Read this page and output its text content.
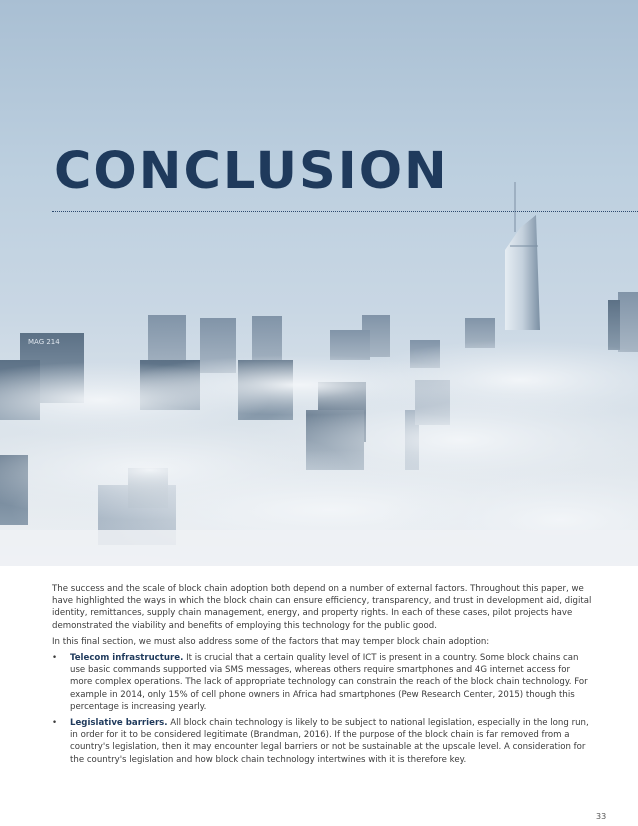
MAG 214
CONCLUSION

The success and the scale of block chain adoption both depend on a number of external factors. Throughout this paper, we have highlighted the ways in which the block chain can ensure efficiency, transparency, and trust in development aid, digital identity, remittances, supply chain management, energy, and property rights. In each of these cases, pilot projects have demonstrated the viability and benefits of employing this technology for the public good.

In this final section, we must also address some of the factors that may temper block chain adoption:

• Telecom infrastructure. It is crucial that a certain quality level of ICT is present in a country. Some block chains can use basic commands supported via SMS messages, whereas others require smartphones and 4G internet access for more complex operations. The lack of appropriate technology can constrain the reach of the block chain technology. For example in 2014, only 15% of cell phone owners in Africa had smartphones (Pew Research Center, 2015) though this percentage is increasing yearly.
• Legislative barriers. All block chain technology is likely to be subject to national legislation, especially in the long run, in order for it to be considered legitimate (Brandman, 2016). If the purpose of the block chain is far removed from a country's legislation, then it may encounter legal barriers or not be sustainable at the upscale level. A consideration for the country's legislation and how block chain technology intertwines with it is therefore key.
33
